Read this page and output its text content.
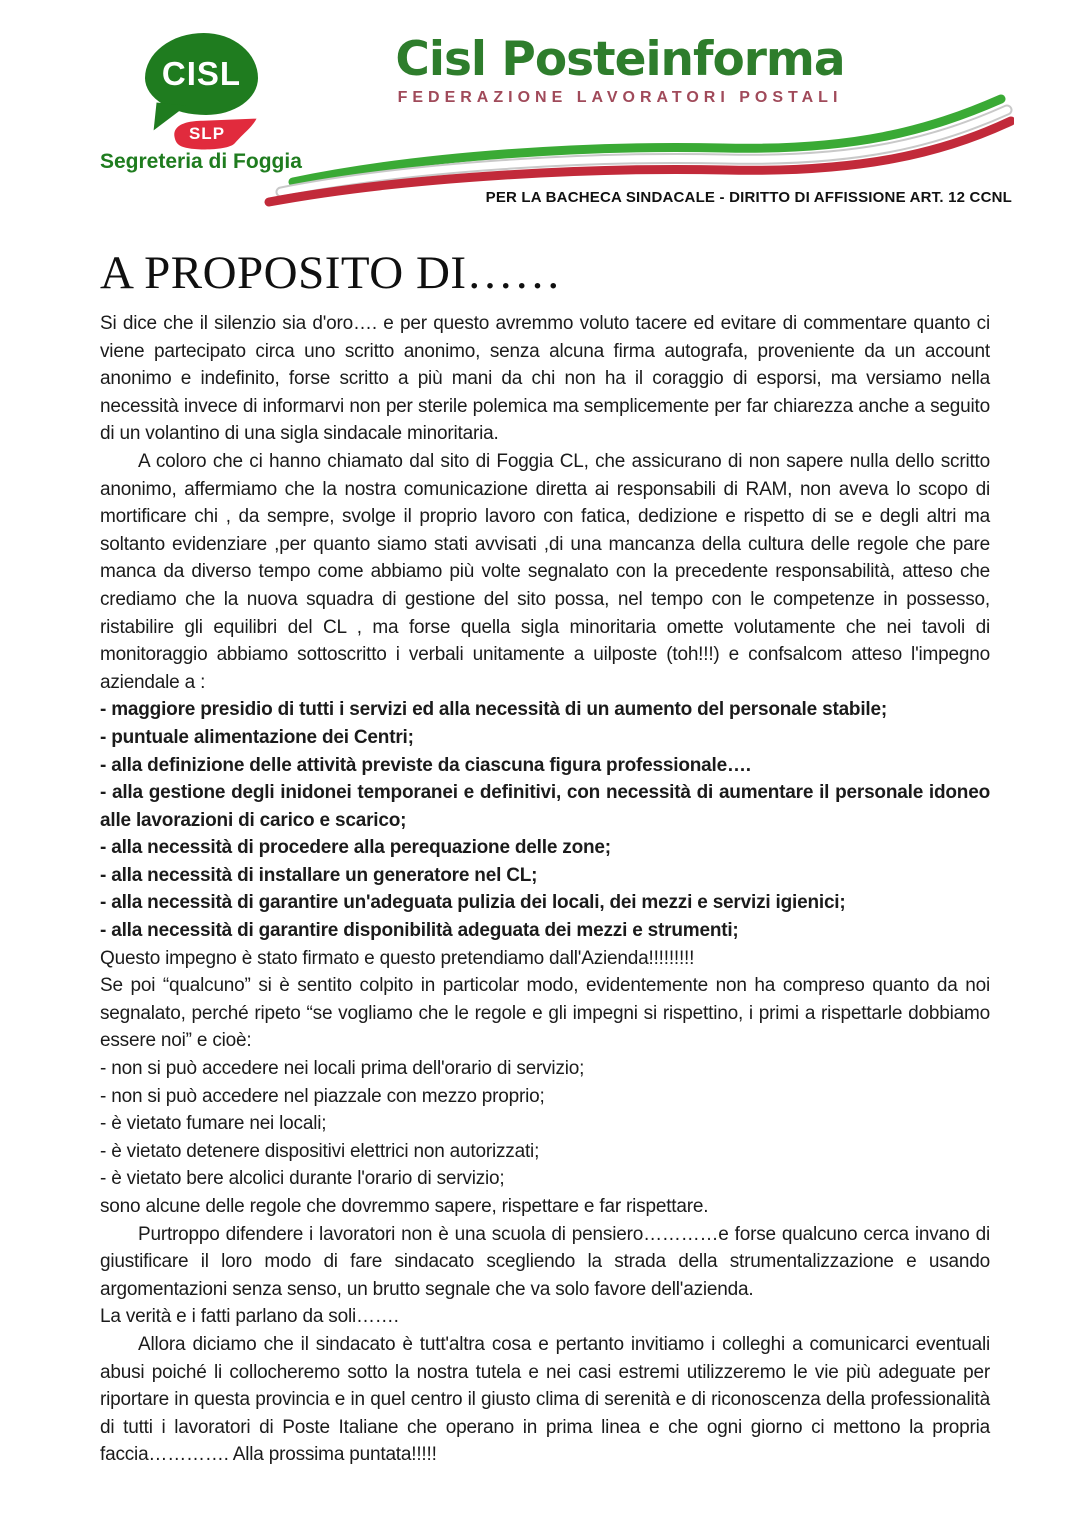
CISL
SLP
Segreteria di Foggia
Cisl Posteinforma
FEDERAZIONE LAVORATORI POSTALI
PER LA BACHECA SINDACALE - DIRITTO DI AFFISSIONE ART. 12 CCNL
A PROPOSITO DI……

Si dice che il silenzio sia d'oro…. e per questo avremmo voluto tacere ed evitare di commentare quanto ci viene partecipato circa uno scritto anonimo, senza alcuna firma autografa, proveniente da un account anonimo e indefinito, forse scritto a più mani da chi non ha il coraggio di esporsi, ma versiamo nella necessità invece di informarvi non per sterile polemica ma semplicemente per far chiarezza anche a seguito di un volantino di una sigla sindacale minoritaria.

A coloro che ci hanno chiamato dal sito di Foggia CL, che assicurano di non sapere nulla dello scritto anonimo, affermiamo che la nostra comunicazione diretta ai responsabili di RAM, non aveva lo scopo di mortificare chi , da sempre, svolge il proprio lavoro con fatica, dedizione e rispetto di se e degli altri ma soltanto evidenziare ,per quanto siamo stati avvisati ,di una mancanza della cultura delle regole che pare manca da diverso tempo come abbiamo più volte segnalato con la precedente responsabilità, atteso che crediamo che la nuova squadra di gestione del sito possa, nel tempo con le competenze in possesso, ristabilire gli equilibri del CL , ma forse quella sigla minoritaria omette volutamente che nei tavoli di monitoraggio abbiamo sottoscritto i verbali unitamente a uilposte (toh!!!) e confsalcom atteso l'impegno aziendale a :

- maggiore presidio di tutti i servizi ed alla necessità di un aumento del personale stabile;

- puntuale alimentazione dei Centri;

- alla definizione delle attività previste da ciascuna figura professionale….

- alla gestione degli inidonei temporanei e definitivi, con necessità di aumentare il personale idoneo alle lavorazioni di carico e scarico;

- alla necessità di procedere alla perequazione delle zone;

- alla necessità di installare un generatore nel CL;

- alla necessità di garantire un'adeguata pulizia dei locali, dei mezzi e servizi igienici;

- alla necessità di garantire disponibilità adeguata dei mezzi e strumenti;

Questo impegno è stato firmato e questo pretendiamo dall'Azienda!!!!!!!!!

Se poi “qualcuno” si è sentito colpito in particolar modo, evidentemente non ha compreso quanto da noi segnalato, perché ripeto “se vogliamo che le regole e gli impegni si rispettino, i primi a rispettarle dobbiamo essere noi” e cioè:

- non si può accedere nei locali prima dell'orario di servizio;

- non si può accedere nel piazzale con mezzo proprio;

- è vietato fumare nei locali;

- è vietato detenere dispositivi elettrici non autorizzati;

- è vietato bere alcolici durante l'orario di servizio;

sono alcune delle regole che dovremmo sapere, rispettare e far rispettare.

Purtroppo difendere i lavoratori non è una scuola di pensiero…………e forse qualcuno cerca invano di giustificare il loro modo di fare sindacato scegliendo la strada della strumentalizzazione e usando argomentazioni senza senso, un brutto segnale che va solo favore dell'azienda.

La verità e i fatti parlano da soli…….

Allora diciamo che il sindacato è tutt'altra cosa e pertanto invitiamo i colleghi a comunicarci eventuali abusi poiché li collocheremo sotto la nostra tutela e nei casi estremi utilizzeremo le vie più adeguate per riportare in questa provincia e in quel centro il giusto clima di serenità e di riconoscenza della professionalità di tutti i lavoratori di Poste Italiane che operano in prima linea e che ogni giorno ci mettono la propria faccia…………. Alla prossima puntata!!!!!
